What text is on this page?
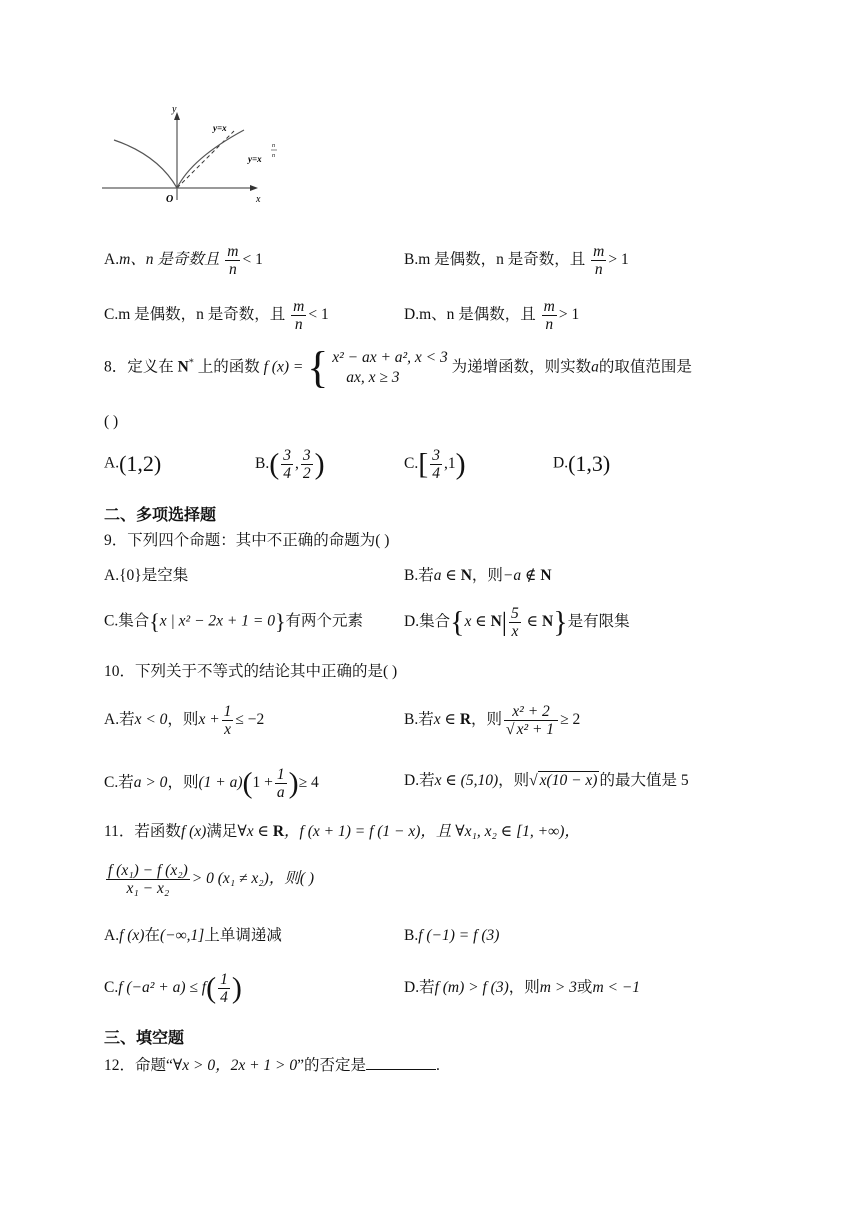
y
x
O
y=x
y=x
n
n
A.m、n 是奇数且 $\frac{m}{n} < 1$	B.m 是偶数，n 是奇数，且 $\frac{m}{n} > 1$
C.m 是偶数，n 是奇数，且 $\frac{m}{n} < 1$	D.m、n 是偶数，且 $\frac{m}{n} > 1$
8．定义在 N* 上的函数 f (x) = { x² − ax + a², x < 3
ax, x ≥ 3
为递增函数，则实数a的取值范围是
( )
A.(1,2)	$B.( \frac{3}{4}$ , $\frac{3}{2}$ )	$C.[ \frac{3}{4} ,1)$	D.(1,3)
二、多项选择题
9．下列四个命题：其中不正确的命题为( )
A.{0}是空集	B.若a ∈ N，则−a ∉ N
C.集合{x | x² − 2x + 1 = 0}有两个元素	D.集合{x ∈ $N| \frac{5}{x}$ ∈ N}是有限集
10．下列关于不等式的结论其中正确的是( )
A.若x < 0，则$x + \frac{1}{x} \le -2$	B.若x ∈ R，则 $\frac{\text{x² + 2}}{\text{√ x² + 1}} \ge 2$
C.若a > 0，则$(1 + a)(1 + \frac{1}{a}$ )≥ 4	D.若x ∈ (5,10)，则√ x(10 − x) 的最大值是 5
11．若函数f (x)满足∀x ∈ R，f (x + 1) = f (1 − x)，且 ∀x₁, x₂ ∈ [1, +∞)，
$\frac{\text{f (x₁) − f (x₂)}}{\text{x₁ − x₂}} > 0$ (x₁ ≠ x₂)，则( )
A.f (x)在(−∞,1]上单调递减	B.f (−1) = f (3)
C.f $(-a^2 + a) \le f( \frac{1}{4}$ )	D.若f (m) > f (3)，则m > 3或m < −1
三、填空题
12．命题“∀x > 0，2x + 1 > 0”的否定是	.
